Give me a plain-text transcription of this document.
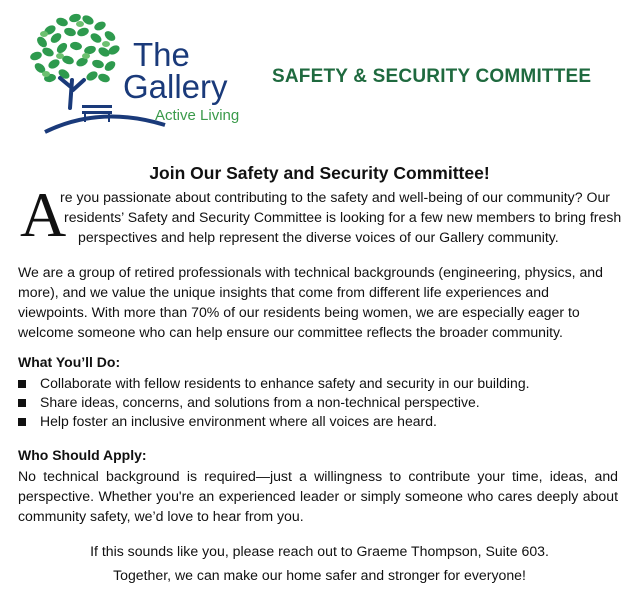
The
Gallery
Active Living
SAFETY & SECURITY COMMITTEE
Join Our Safety and Security Committee!
A
re you passionate about contributing to the safety and well-being of our community? Our
residents’ Safety and Security Committee is looking for a few new members to bring fresh
perspectives and help represent the diverse voices of our Gallery community.

We are a group of retired professionals with technical backgrounds (engineering, physics, and more), and we value the unique insights that come from different life experiences and viewpoints. With more than 70% of our residents being women, we are especially eager to welcome someone who can help ensure our committee reflects the broader community.

What You’ll Do:
Collaborate with fellow residents to enhance safety and security in our building.
Share ideas, concerns, and solutions from a non-technical perspective.
Help foster an inclusive environment where all voices are heard.
Who Should Apply:

No technical background is required—just a willingness to contribute your time, ideas, and perspective. Whether you're an experienced leader or simply someone who cares deeply about community safety, we’d love to hear from you.

If this sounds like you, please reach out to Graeme Thompson, Suite 603.
Together, we can make our home safer and stronger for everyone!
